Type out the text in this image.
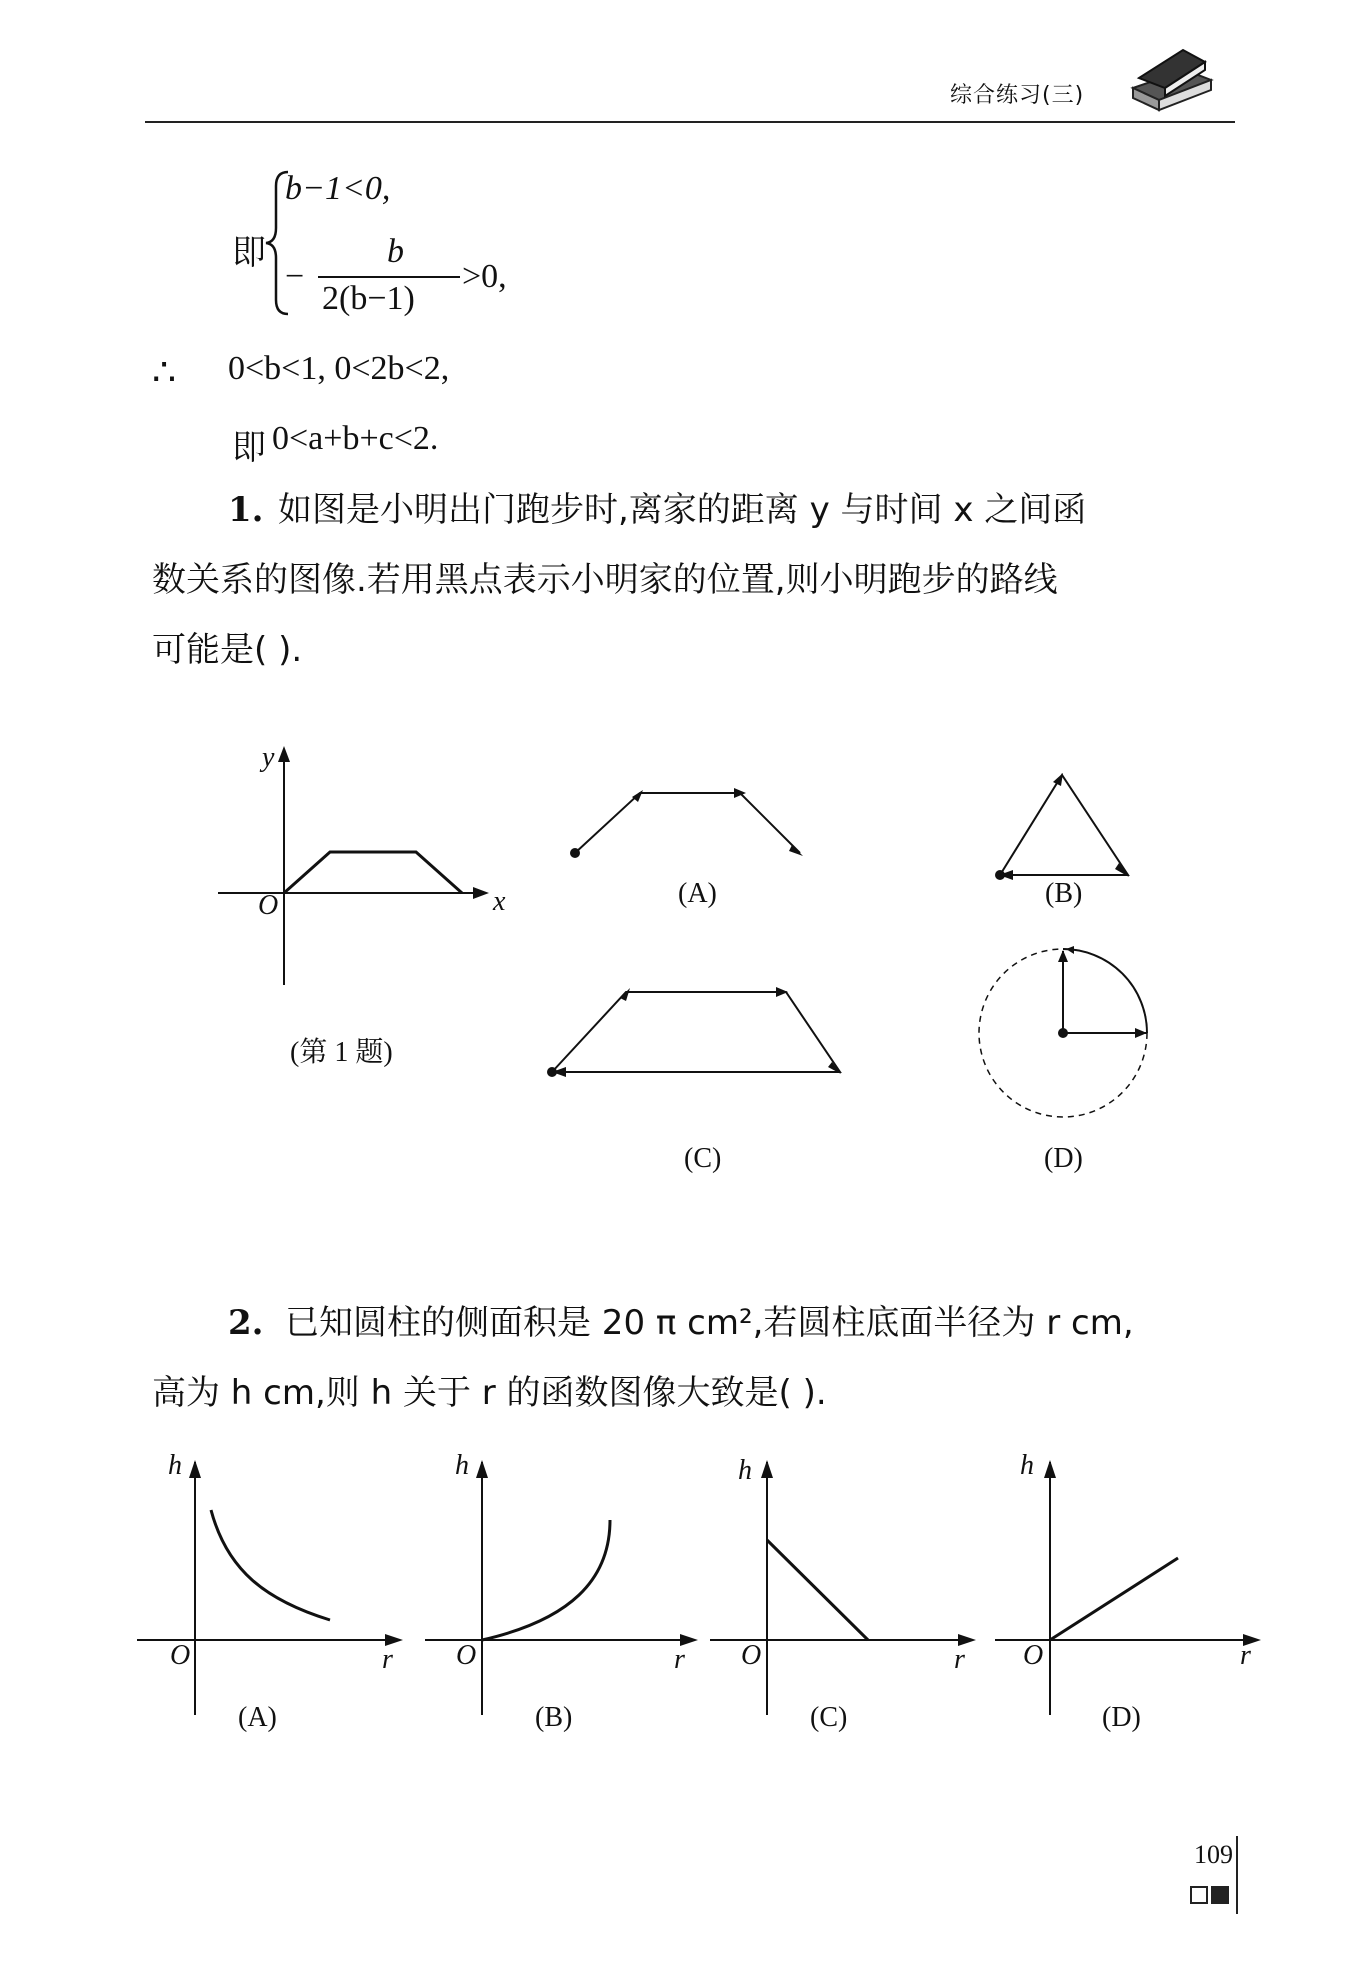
综合练习(三)
即
b−1<0,
−
b
2(b−1)
>0,
∴ 0<b<1, 0<2b<2,
即 0<a+b+c<2.
1. 如图是小明出门跑步时,离家的距离 y 与时间 x 之间函
数关系的图像.若用黑点表示小明家的位置,则小明跑步的路线
可能是( ).
y
x
O
(第 1 题)
(A)	(B)
(C)	(D)
2. 已知圆柱的侧面积是 20 π cm²,若圆柱底面半径为 r cm,
高为 h cm,则 h 关于 r 的函数图像大致是( ).
h
O	r
(A)
h
O	r
(B)
h
O	r
(C)
h
O	r
(D)
109
